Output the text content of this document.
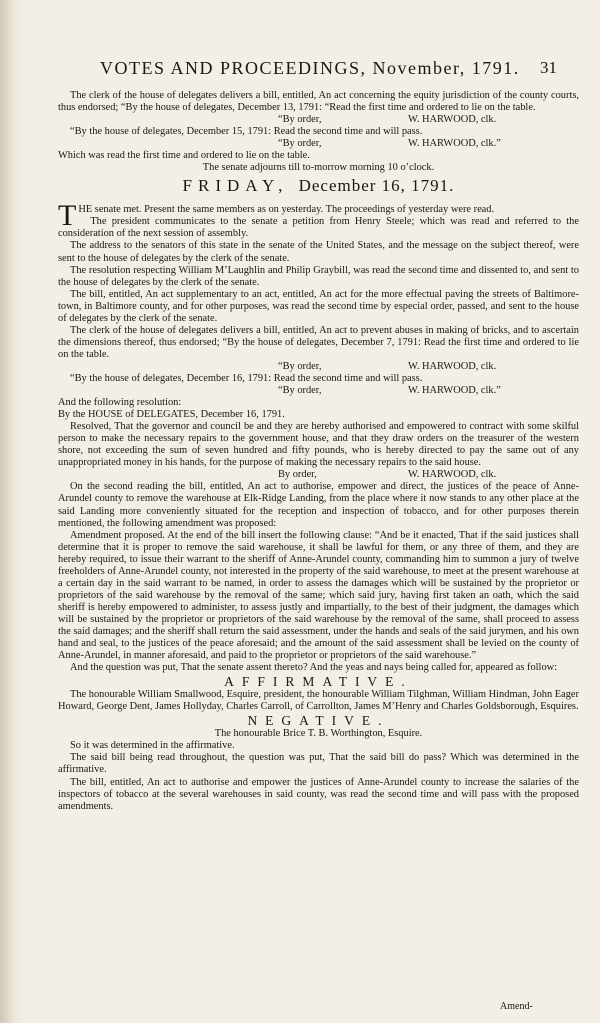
VOTES AND PROCEEDINGS, November, 1791. 31

The clerk of the house of delegates delivers a bill, entitled, An act concerning the equity jurisdiction of the county courts, thus endorsed; “By the house of delegates, December 13, 1791: “Read the first time and ordered to lie on the table.

“By order,	W. HARWOOD, clk.

“By the house of delegates, December 15, 1791: Read the second time and will pass.

“By order,	W. HARWOOD, clk.”

Which was read the first time and ordered to lie on the table.

The senate adjourns till to-morrow morning 10 o’clock.

FRIDAY, December 16, 1791.

THE senate met. Present the same members as on yesterday. The proceedings of yesterday were read.

The president communicates to the senate a petition from Henry Steele; which was read and referred to the consideration of the next session of assembly.

The address to the senators of this state in the senate of the United States, and the message on the subject thereof, were sent to the house of delegates by the clerk of the senate.

The resolution respecting William M’Laughlin and Philip Graybill, was read the second time and dissented to, and sent to the house of delegates by the clerk of the senate.

The bill, entitled, An act supplementary to an act, entitled, An act for the more effectual paving the streets of Baltimore-town, in Baltimore county, and for other purposes, was read the second time by especial order, passed, and sent to the house of delegates by the clerk of the senate.

The clerk of the house of delegates delivers a bill, entitled, An act to prevent abuses in making of bricks, and to ascertain the dimensions thereof, thus endorsed; “By the house of delegates, December 7, 1791: Read the first time and ordered to lie on the table.

“By order,	W. HARWOOD, clk.

“By the house of delegates, December 16, 1791: Read the second time and will pass.

“By order,	W. HARWOOD, clk.”

And the following resolution:

By the HOUSE of DELEGATES, December 16, 1791.

Resolved, That the governor and council be and they are hereby authorised and empowered to contract with some skilful person to make the necessary repairs to the government house, and that they draw orders on the treasurer of the western shore, not exceeding the sum of seven hundred and fifty pounds, who is hereby directed to pay the same out of any unappropriated money in his hands, for the purpose of making the necessary repairs to the said house.

By order,	W. HARWOOD, clk.

On the second reading the bill, entitled, An act to authorise, empower and direct, the justices of the peace of Anne-Arundel county to remove the warehouse at Elk-Ridge Landing, from the place where it now stands to any other place at the said Landing more conveniently situated for the reception and inspection of tobacco, and for other purposes therein mentioned, the following amendment was proposed:

Amendment proposed. At the end of the bill insert the following clause: “And be it enacted, That if the said justices shall determine that it is proper to remove the said warehouse, it shall be lawful for them, or any three of them, and they are hereby required, to issue their warrant to the sheriff of Anne-Arundel county, commanding him to summon a jury of twelve freeholders of Anne-Arundel county, not interested in the property of the said warehouse, to meet at the present warehouse at a certain day in the said warrant to be named, in order to assess the damages which will be sustained by the proprietor or proprietors of the said warehouse by the removal of the same; which said jury, having first taken an oath, which the said sheriff is hereby empowered to administer, to assess justly and impartially, to the best of their judgment, the damages which will be sustained by the proprietor or proprietors of the said warehouse by the removal of the same, shall proceed to assess the said damages; and the sheriff shall return the said assessment, under the hands and seals of the said jurymen, and his own hand and seal, to the justices of the peace aforesaid; and the amount of the said assessment shall be levied on the county of Anne-Arundel, in manner aforesaid, and paid to the proprietor or proprietors of the said warehouse.”

And the question was put, That the senate assent thereto? And the yeas and nays being called for, appeared as follow:

AFFIRMATIVE.

The honourable William Smallwood, Esquire, president, the honourable William Tilghman, William Hindman, John Eager Howard, George Dent, James Hollyday, Charles Carroll, of Carrollton, James M’Henry and Charles Goldsborough, Esquires.

NEGATIVE.

The honourable Brice T. B. Worthington, Esquire.

So it was determined in the affirmative.

The said bill being read throughout, the question was put, That the said bill do pass? Which was determined in the affirmative.

The bill, entitled, An act to authorise and empower the justices of Anne-Arundel county to increase the salaries of the inspectors of tobacco at the several warehouses in said county, was read the second time and will pass with the proposed amendments.

Amend-
